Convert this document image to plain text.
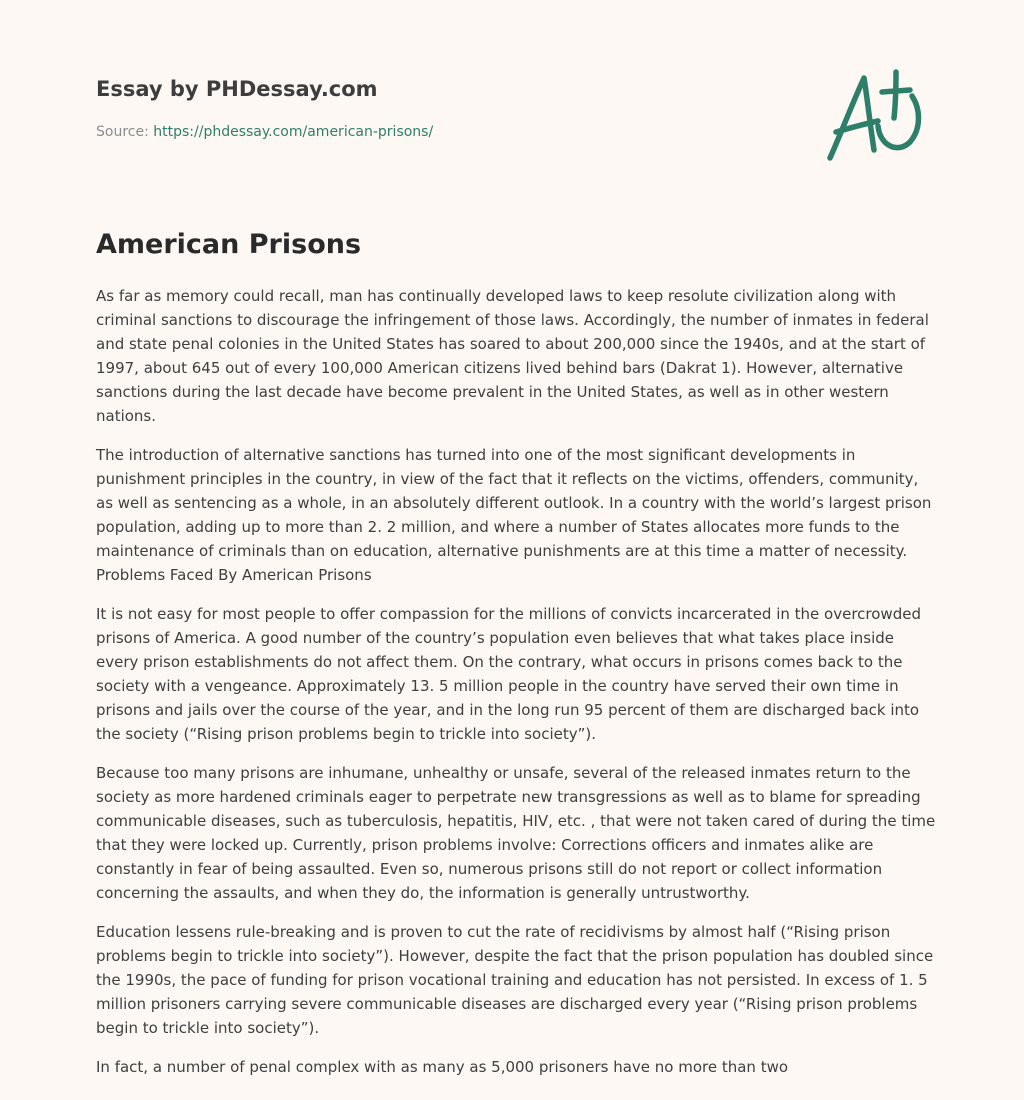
Essay by PHDessay.com
Source: https://phdessay.com/american-prisons/
American Prisons

As far as memory could recall, man has continually developed laws to keep resolute civilization along with criminal sanctions to discourage the infringement of those laws. Accordingly, the number of inmates in federal and state penal colonies in the United States has soared to about 200,000 since the 1940s, and at the start of 1997, about 645 out of every 100,000 American citizens lived behind bars (Dakrat 1). However, alternative sanctions during the last decade have become prevalent in the United States, as well as in other western nations.

The introduction of alternative sanctions has turned into one of the most significant developments in punishment principles in the country, in view of the fact that it reflects on the victims, offenders, community, as well as sentencing as a whole, in an absolutely different outlook. In a country with the world’s largest prison population, adding up to more than 2. 2 million, and where a number of States allocates more funds to the maintenance of criminals than on education, alternative punishments are at this time a matter of necessity. Problems Faced By American Prisons

It is not easy for most people to offer compassion for the millions of convicts incarcerated in the overcrowded prisons of America. A good number of the country’s population even believes that what takes place inside every prison establishments do not affect them. On the contrary, what occurs in prisons comes back to the society with a vengeance. Approximately 13. 5 million people in the country have served their own time in prisons and jails over the course of the year, and in the long run 95 percent of them are discharged back into the society (“Rising prison problems begin to trickle into society”).

Because too many prisons are inhumane, unhealthy or unsafe, several of the released inmates return to the society as more hardened criminals eager to perpetrate new transgressions as well as to blame for spreading communicable diseases, such as tuberculosis, hepatitis, HIV, etc. , that were not taken cared of during the time that they were locked up. Currently, prison problems involve: Corrections officers and inmates alike are constantly in fear of being assaulted. Even so, numerous prisons still do not report or collect information concerning the assaults, and when they do, the information is generally untrustworthy.

Education lessens rule-breaking and is proven to cut the rate of recidivisms by almost half (“Rising prison problems begin to trickle into society”). However, despite the fact that the prison population has doubled since the 1990s, the pace of funding for prison vocational training and education has not persisted. In excess of 1. 5 million prisoners carrying severe communicable diseases are discharged every year (“Rising prison problems begin to trickle into society”).

In fact, a number of penal complex with as many as 5,000 prisoners have no more than two
